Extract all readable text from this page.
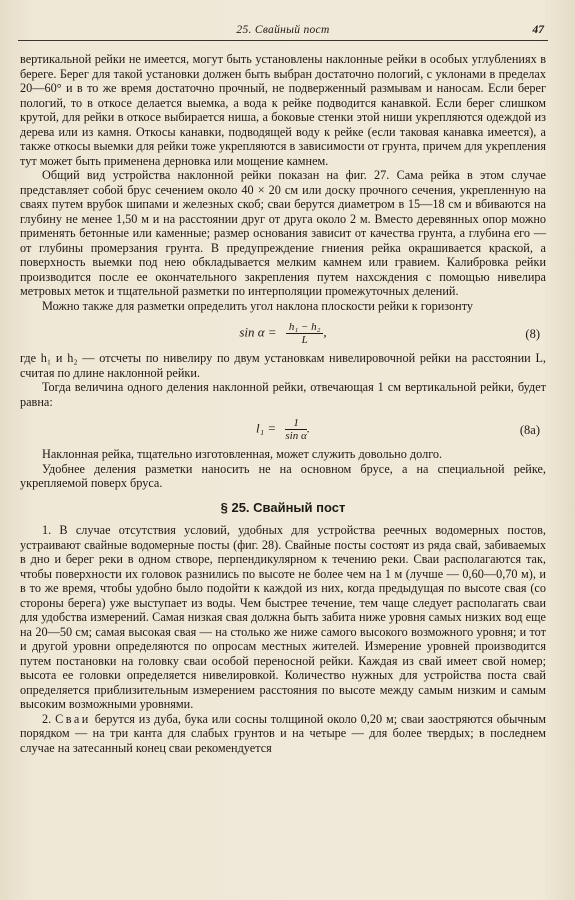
25. Свайный пост	47

вертикальной рейки не имеется, могут быть установлены наклонные рейки в особых углублениях в береге. Берег для такой установки должен быть выбран достаточно пологий, с уклонами в пределах 20—60° и в то же время достаточно прочный, не подверженный размывам и наносам. Если берег пологий, то в откосе делается выемка, а вода к рейке подводится канавкой. Если берег слишком крутой, для рейки в откосе выбирается ниша, а боковые стенки этой ниши укрепляются одеждой из дерева или из камня. Откосы канавки, подводящей воду к рейке (если таковая канавка имеется), а также откосы выемки для рейки тоже укрепляются в зависимости от грунта, причем для укрепления тут может быть применена дерновка или мощение камнем.

Общий вид устройства наклонной рейки показан на фиг. 27. Сама рейка в этом случае представляет собой брус сечением около 40 × 20 см или доску прочного сечения, укрепленную на сваях путем врубок шипами и железных скоб; сваи берутся диаметром в 15—18 см и вбиваются на глубину не менее 1,50 м и на расстоянии друг от друга около 2 м. Вместо деревянных опор можно применять бетонные или каменные; размер основания зависит от качества грунта, а глубина его — от глубины промерзания грунта. В предупреждение гниения рейка окрашивается краской, а поверхность выемки под нею обкладывается мелким камнем или гравием. Калибровка рейки производится после ее окончательного закрепления путем нахсждения с помощью нивелира метровых меток и тщательной разметки по интерполяции промежуточных делений.

Можно также для разметки определить угол наклона плоскости рейки к горизонту

$\sin \alpha = \frac{\text{h₁ − h₂}}{L}$ ,	(8)

где h₁ и h₂ — отсчеты по нивелиру по двум установкам нивелировочной рейки на расстоянии L, считая по длине наклонной рейки.

Тогда величина одного деления наклонной рейки, отвечающая 1 см вертикальной рейки, будет равна:

$l_1 = \frac{1}{\text{sin α}}$ .	(8a)

Наклонная рейка, тщательно изготовленная, может служить довольно долго.

Удобнее деления разметки наносить не на основном брусе, а на специальной рейке, укрепляемой поверх бруса.

§ 25. Свайный пост

1. В случае отсутствия условий, удобных для устройства реечных водомерных постов, устраивают свайные водомерные посты (фиг. 28). Свайные посты состоят из ряда свай, забиваемых в дно и берег реки в одном створе, перпендикулярном к течению реки. Сваи располагаются так, чтобы поверхности их головок разнились по высоте не более чем на 1 м (лучше — 0,60—0,70 м), и в то же время, чтобы удобно было подойти к каждой из них, когда предыдущая по высоте свая (со стороны берега) уже выступает из воды. Чем быстрее течение, тем чаще следует располагать сваи для удобства измерений. Самая низкая свая должна быть забита ниже уровня самых низких вод еще на 20—50 см; самая высокая свая — на столько же ниже самого высокого возможного уровня; и тот и другой уровни определяются по опросам местных жителей. Измерение уровней производится путем постановки на головку сваи особой переносной рейки. Каждая из свай имеет свой номер; высота ее головки определяется нивелировкой. Количество нужных для устройства поста свай определяется приблизительным измерением расстояния по высоте между самым низким и самым высоким возможными уровнями.

2. Сваи берутся из дуба, бука или сосны толщиной около 0,20 м; сваи заостряются обычным порядком — на три канта для слабых грунтов и на четыре — для более твердых; в последнем случае на затесанный конец сваи рекомендуется
